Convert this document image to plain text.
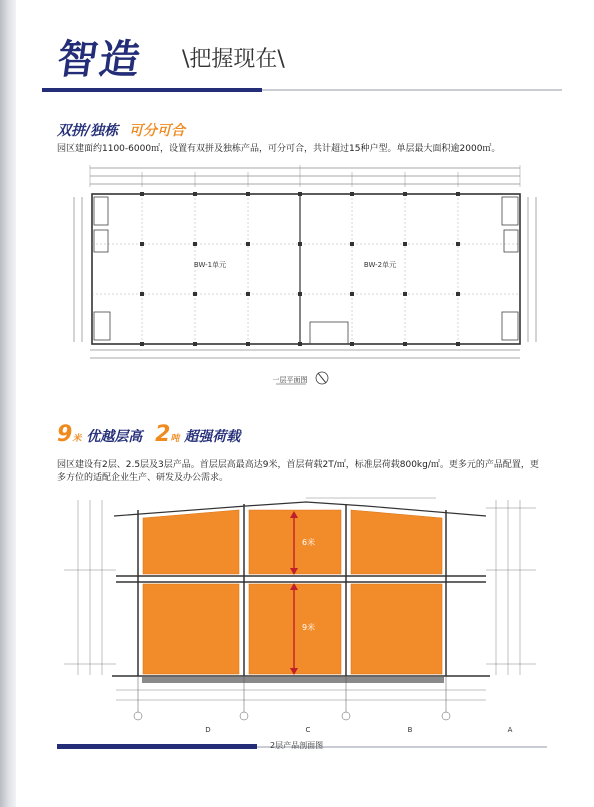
智造 \把握现在\
双拼/独栋 可分可合
园区建面约1100-6000㎡，设置有双拼及独栋产品，可分可合，共计超过15种户型。单层最大面积逾2000㎡。
BW-1单元	BW-2单元
一层平面图
9米 优越层高 2吨 超强荷载
园区建设有2层、2.5层及3层产品。首层层高最高达9米，首层荷载2T/㎡，标准层荷载800kg/㎡。更多元的产品配置，更多方位的适配企业生产、研发及办公需求。
6米
9米
D	C	B	A
2层产品剖面图
